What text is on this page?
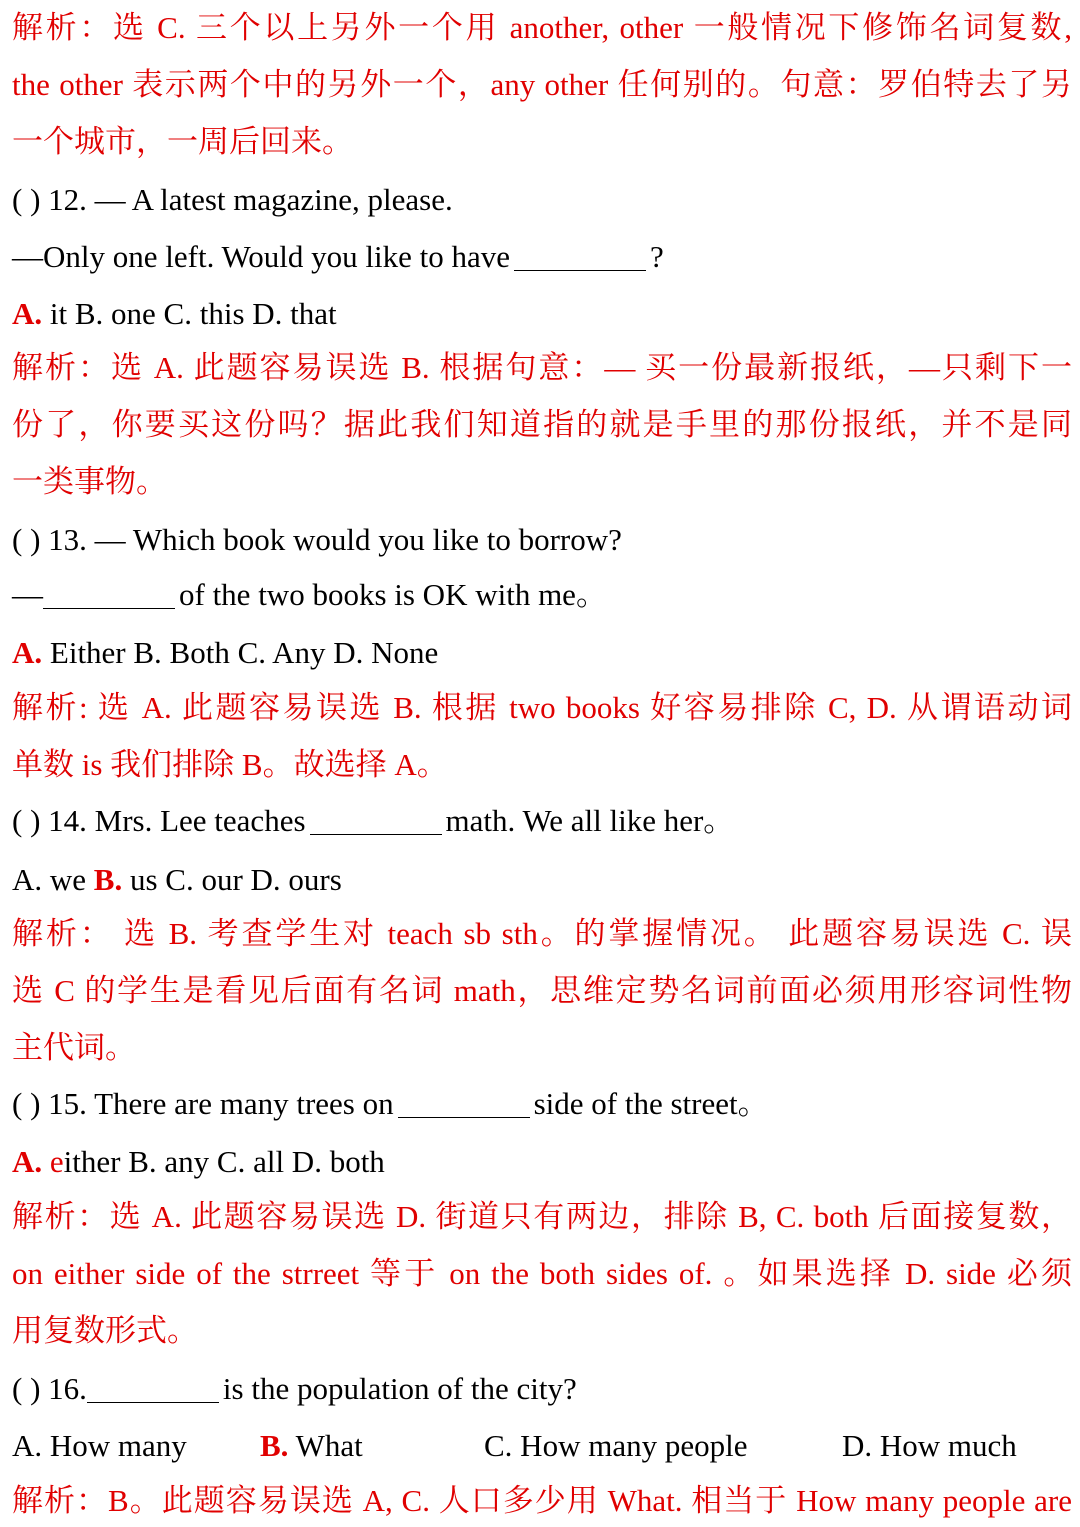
解析：选 C. 三个以上另外一个用 another, other 一般情况下修饰名词复数,
the other 表示两个中的另外一个，any other 任何别的。句意：罗伯特去了另
一个城市，一周后回来。
( ) 12. — A latest magazine, please.
—Only one left. Would you like to have	?
A. it B. one C. this D. that
解析：选 A. 此题容易误选 B. 根据句意：— 买一份最新报纸，—只剩下一
份了，你要买这份吗？据此我们知道指的就是手里的那份报纸，并不是同
一类事物。
( ) 13. — Which book would you like to borrow?
—	of the two books is OK with me。
A. Either B. Both C. Any D. None
解析: 选 A. 此题容易误选 B. 根据 two books 好容易排除 C, D. 从谓语动词
单数 is 我们排除 B。故选择 A。
( ) 14. Mrs. Lee teaches	math. We all like her。
A. we B. us C. our D. ours
解析： 选 B. 考查学生对 teach sb sth。的掌握情况。 此题容易误选 C. 误
选 C 的学生是看见后面有名词 math，思维定势名词前面必须用形容词性物
主代词。
( ) 15. There are many trees on	side of the street。
A. either B. any C. all D. both
解析：选 A. 此题容易误选 D. 街道只有两边，排除 B, C. both 后面接复数，
on either side of the strreet 等于 on the both sides of. 。如果选择 D. side 必须
用复数形式。
( ) 16.	is the population of the city?
A. How many B. What	C. How many people	D. How much
解析：B。此题容易误选 A, C. 人口多少用 What. 相当于 How many people are
